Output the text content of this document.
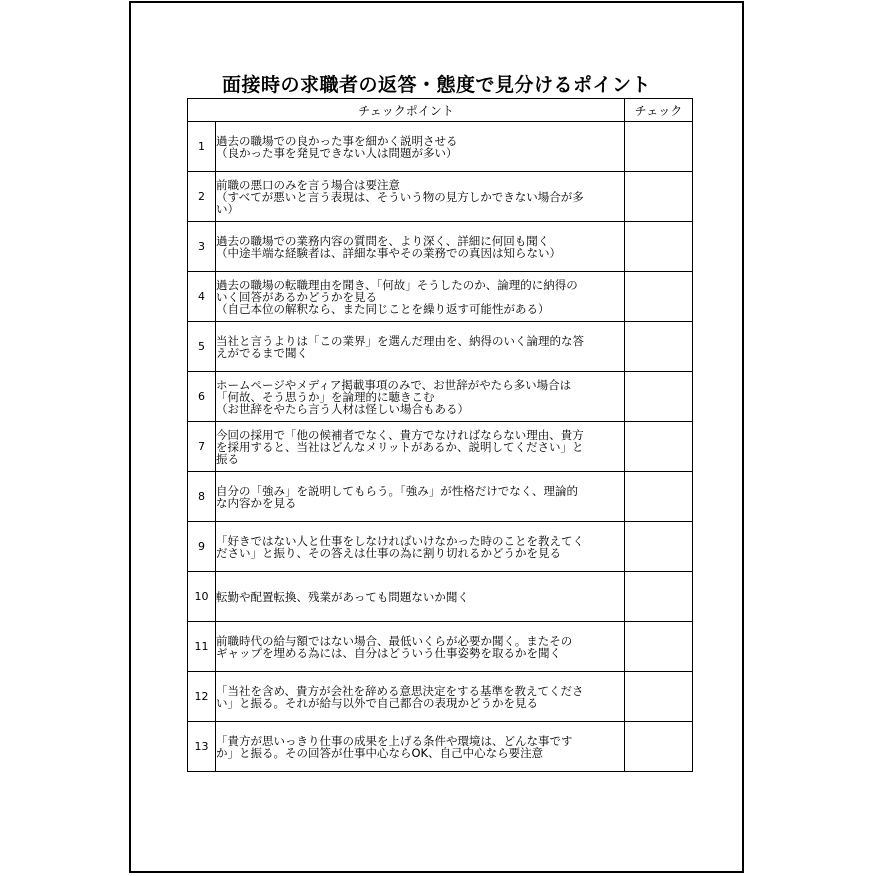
面接時の求職者の返答・態度で見分けるポイント
チェックポイント		チェック
1	過去の職場での良かった事を細かく説明させる
（良かった事を発見できない人は問題が多い）	

2	前職の悪口のみを言う場合は要注意
（すべてが悪いと言う表現は、そういう物の見方しかできない場合が多
い）	

3	過去の職場での業務内容の質問を、より深く、詳細に何回も聞く
（中途半端な経験者は、詳細な事やその業務での真因は知らない）	

4	過去の職場の転職理由を聞き、「何故」そうしたのか、論理的に納得の
いく回答があるかどうかを見る
（自己本位の解釈なら、また同じことを繰り返す可能性がある）	

5	当社と言うよりは「この業界」を選んだ理由を、納得のいく論理的な答
えがでるまで聞く	

6	ホームページやメディア掲載事項のみで、お世辞がやたら多い場合は
「何故、そう思うか」を論理的に聴きこむ
（お世辞をやたら言う人材は怪しい場合もある）	

7	今回の採用で「他の候補者でなく、貴方でなければならない理由、貴方
を採用すると、当社はどんなメリットがあるか、説明してください」と
振る	

8	自分の「強み」を説明してもらう。「強み」が性格だけでなく、理論的
な内容かを見る	

9	「好きではない人と仕事をしなければいけなかった時のことを教えてく
ださい」と振り、その答えは仕事の為に割り切れるかどうかを見る	

10	転勤や配置転換、残業があっても問題ないか聞く	

11	前職時代の給与額ではない場合、最低いくらが必要か聞く。またその
ギャップを埋める為には、自分はどういう仕事姿勢を取るかを聞く	

12	「当社を含め、貴方が会社を辞める意思決定をする基準を教えてくださ
い」と振る。それが給与以外で自己都合の表現かどうかを見る	

13	「貴方が思いっきり仕事の成果を上げる条件や環境は、どんな事です
か」と振る。その回答が仕事中心ならOK、自己中心なら要注意	
